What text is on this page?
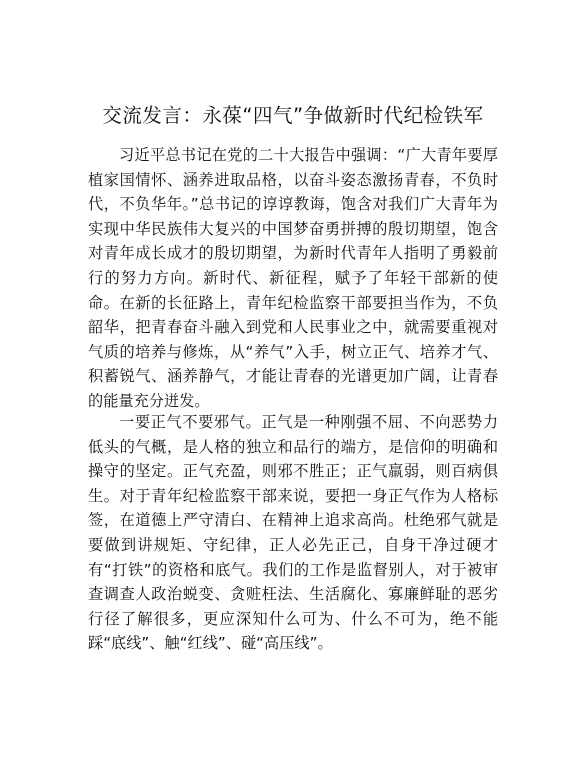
交流发言：永葆“四气”争做新时代纪检铁军

习近平总书记在党的二十大报告中强调：“广大青年要厚植家国情怀、涵养进取品格，以奋斗姿态激扬青春，不负时代，不负华年。”总书记的谆谆教诲，饱含对我们广大青年为实现中华民族伟大复兴的中国梦奋勇拼搏的殷切期望，饱含对青年成长成才的殷切期望，为新时代青年人指明了勇毅前行的努力方向。新时代、新征程，赋予了年轻干部新的使命。在新的长征路上，青年纪检监察干部要担当作为，不负韶华，把青春奋斗融入到党和人民事业之中，就需要重视对气质的培养与修炼，从“养气”入手，树立正气、培养才气、积蓄锐气、涵养静气，才能让青春的光谱更加广阔，让青春的能量充分迸发。

一要正气不要邪气。正气是一种刚强不屈、不向恶势力低头的气概，是人格的独立和品行的端方，是信仰的明确和操守的坚定。正气充盈，则邪不胜正；正气羸弱，则百病俱生。对于青年纪检监察干部来说，要把一身正气作为人格标签，在道德上严守清白、在精神上追求高尚。杜绝邪气就是要做到讲规矩、守纪律，正人必先正己，自身干净过硬才有“打铁”的资格和底气。我们的工作是监督别人，对于被审查调查人政治蜕变、贪赃枉法、生活腐化、寡廉鲜耻的恶劣行径了解很多，更应深知什么可为、什么不可为，绝不能踩“底线”、触“红线”、碰“高压线”。
